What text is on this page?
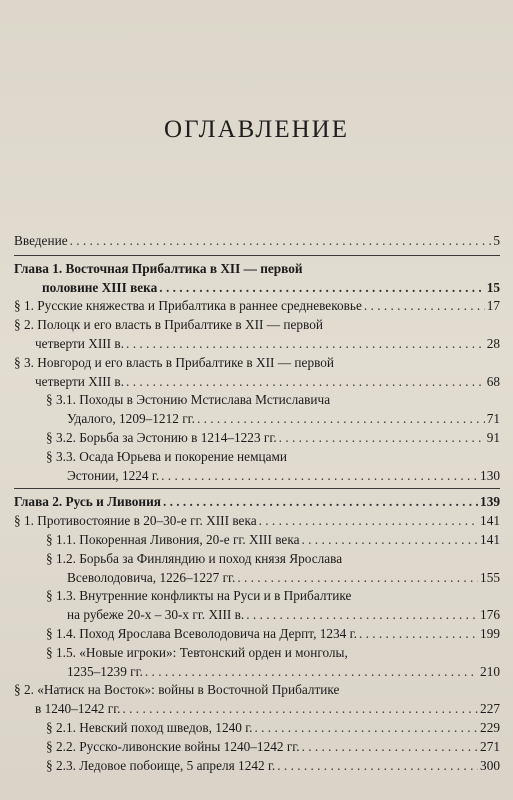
ОГЛАВЛЕНИЕ
Введение . . .	5
Глава 1. Восточная Прибалтика в XII — первой
половине XIII века . . .	15
§ 1. Русские княжества и Прибалтика в раннее средневековье . . .	17
§ 2. Полоцк и его власть в Прибалтике в XII — первой
четверти XIII в. . . .	28
§ 3. Новгород и его власть в Прибалтике в XII — первой
четверти XIII в. . . .	68
§ 3.1. Походы в Эстонию Мстислава Мстиславича
Удалого, 1209–1212 гг. . . .	71
§ 3.2. Борьба за Эстонию в 1214–1223 гг. . . .	91
§ 3.3. Осада Юрьева и покорение немцами
Эстонии, 1224 г. . . .	130
Глава 2. Русь и Ливония . . .	139
§ 1. Противостояние в 20–30-е гг. XIII века . . .	141
§ 1.1. Покоренная Ливония, 20-е гг. XIII века . . .	141
§ 1.2. Борьба за Финляндию и поход князя Ярослава
Всеволодовича, 1226–1227 гг. . . .	155
§ 1.3. Внутренние конфликты на Руси и в Прибалтике
на рубеже 20-х – 30-х гг. XIII в. . . .	176
§ 1.4. Поход Ярослава Всеволодовича на Дерпт, 1234 г. . . .	199
§ 1.5. «Новые игроки»: Тевтонский орден и монголы,
1235–1239 гг. . . .	210
§ 2. «Натиск на Восток»: войны в Восточной Прибалтике
в 1240–1242 гг. . . .	227
§ 2.1. Невский поход шведов, 1240 г. . . .	229
§ 2.2. Русско-ливонские войны 1240–1242 гг. . . .	271
§ 2.3. Ледовое побоище, 5 апреля 1242 г. . . .	300
